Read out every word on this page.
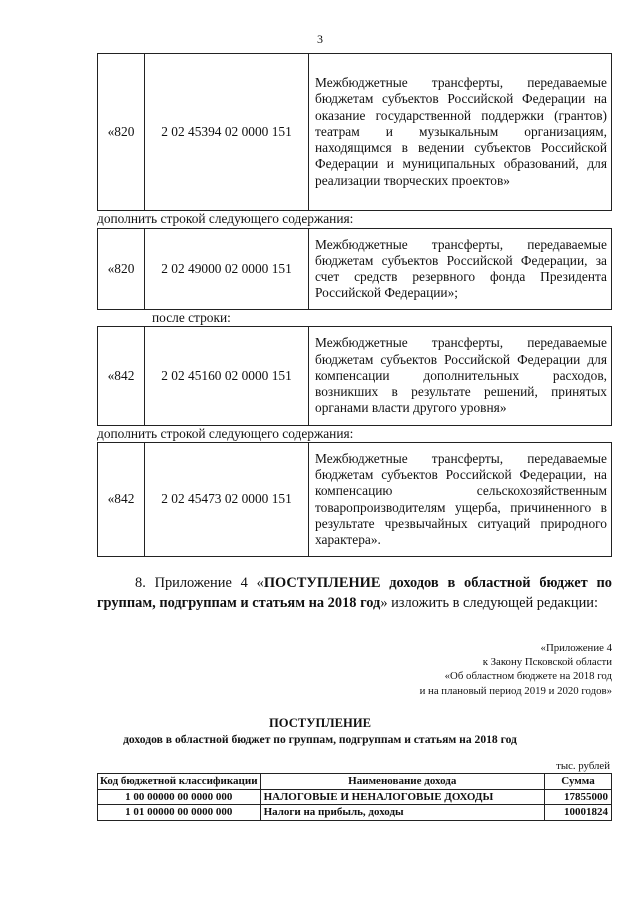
3
«820	2 02 45394 02 0000 151	Межбюджетные трансферты, передаваемые бюджетам субъектов Российской Федерации на оказание государственной поддержки (грантов) театрам и музыкальным организациям, находящимся в ведении субъектов Российской Федерации и муниципальных образований, для реализации творческих проектов»
дополнить строкой следующего содержания:
«820	2 02 49000 02 0000 151	Межбюджетные трансферты, передаваемые бюджетам субъектов Российской Федерации, за счет средств резервного фонда Президента Российской Федерации»;
после строки:
«842	2 02 45160 02 0000 151	Межбюджетные трансферты, передаваемые бюджетам субъектов Российской Федерации для компенсации дополнительных расходов, возникших в результате решений, принятых органами власти другого уровня»
дополнить строкой следующего содержания:
«842	2 02 45473 02 0000 151	Межбюджетные трансферты, передаваемые бюджетам субъектов Российской Федерации, на компенсацию сельскохозяйственным товаропроизводителям ущерба, причиненного в результате чрезвычайных ситуаций природного характера».
8. Приложение 4 «ПОСТУПЛЕНИЕ доходов в областной бюджет по группам, подгруппам и статьям на 2018 год» изложить в следующей редакции:
«Приложение 4
к Закону Псковской области
«Об областном бюджете на 2018 год
и на плановый период 2019 и 2020 годов»
ПОСТУПЛЕНИЕ
доходов в областной бюджет по группам, подгруппам и статьям на 2018 год
тыс. рублей
Код бюджетной классификации	Наименование дохода	Сумма
1 00 00000 00 0000 000	НАЛОГОВЫЕ И НЕНАЛОГОВЫЕ ДОХОДЫ	17855000
1 01 00000 00 0000 000	Налоги на прибыль, доходы	10001824
